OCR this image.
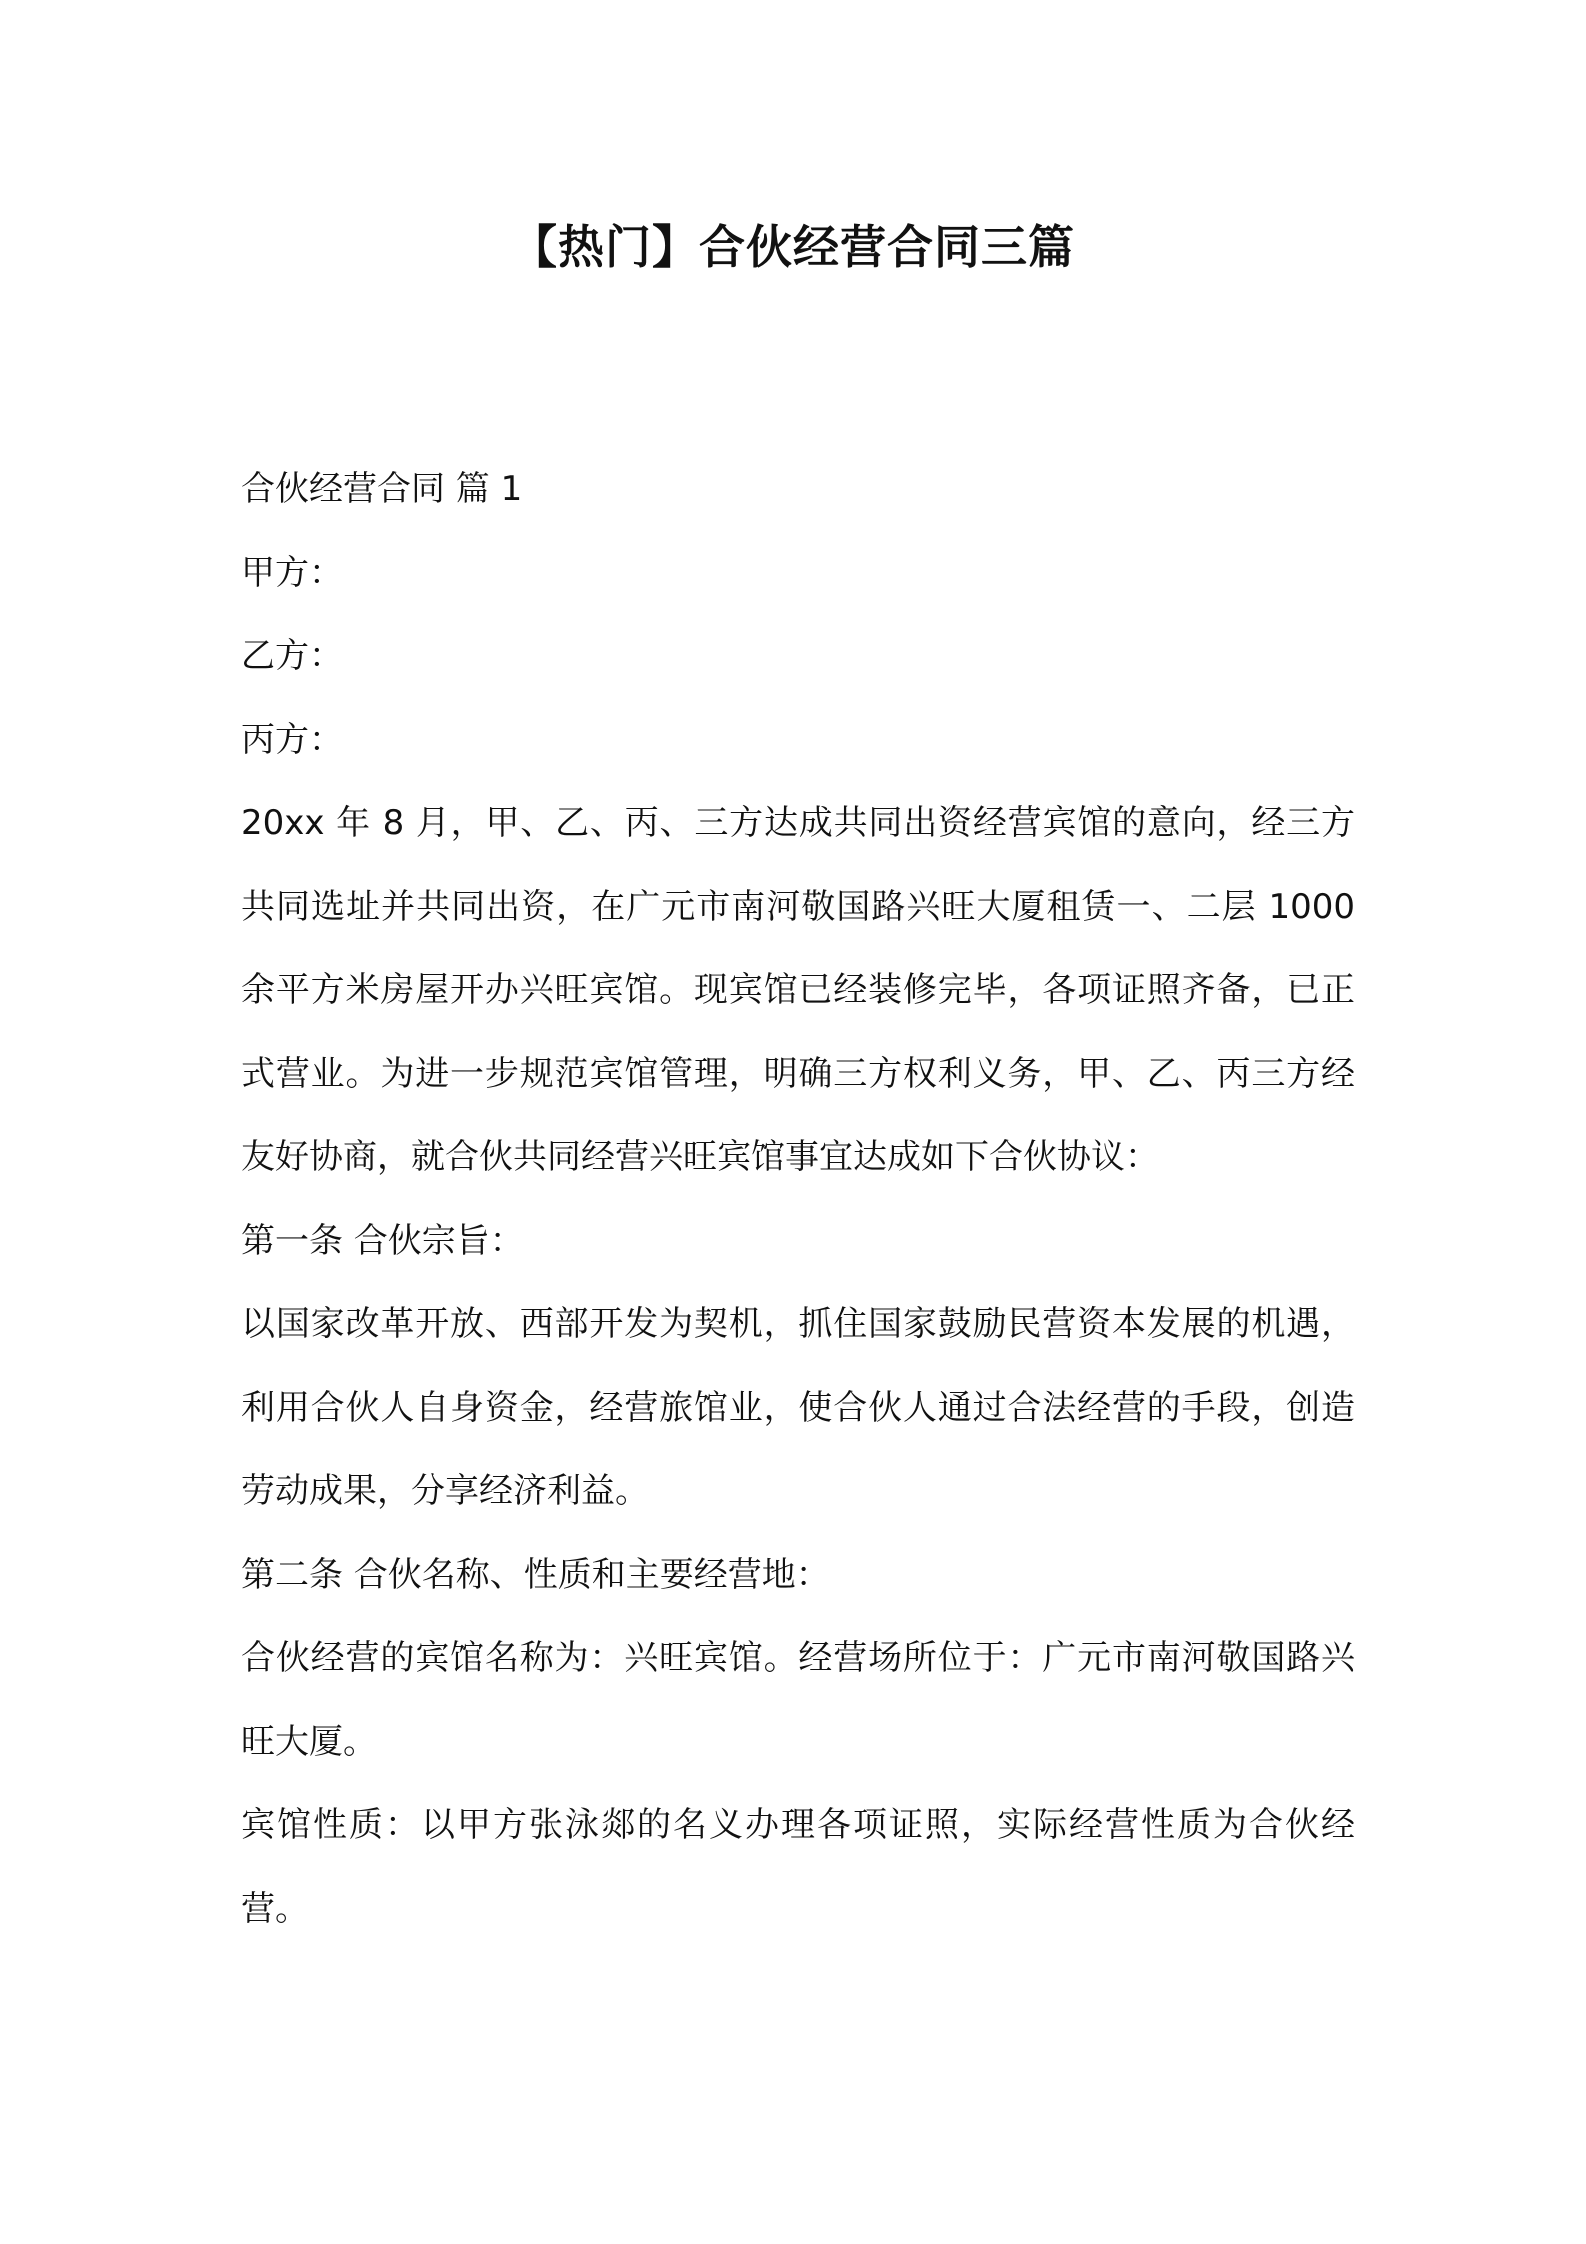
【热门】合伙经营合同三篇

合伙经营合同 篇 1

甲方：

乙方：

丙方：

20xx 年 8 月，甲、乙、丙、三方达成共同出资经营宾馆的意向，经三方共同选址并共同出资，在广元市南河敬国路兴旺大厦租赁一、二层 1000 余平方米房屋开办兴旺宾馆。现宾馆已经装修完毕，各项证照齐备，已正式营业。为进一步规范宾馆管理，明确三方权利义务，甲、乙、丙三方经友好协商，就合伙共同经营兴旺宾馆事宜达成如下合伙协议：

第一条 合伙宗旨：

以国家改革开放、西部开发为契机，抓住国家鼓励民营资本发展的机遇，利用合伙人自身资金，经营旅馆业，使合伙人通过合法经营的手段，创造劳动成果，分享经济利益。

第二条 合伙名称、性质和主要经营地：

合伙经营的宾馆名称为：兴旺宾馆。经营场所位于：广元市南河敬国路兴旺大厦。

宾馆性质：以甲方张泳郯的名义办理各项证照，实际经营性质为合伙经营。
